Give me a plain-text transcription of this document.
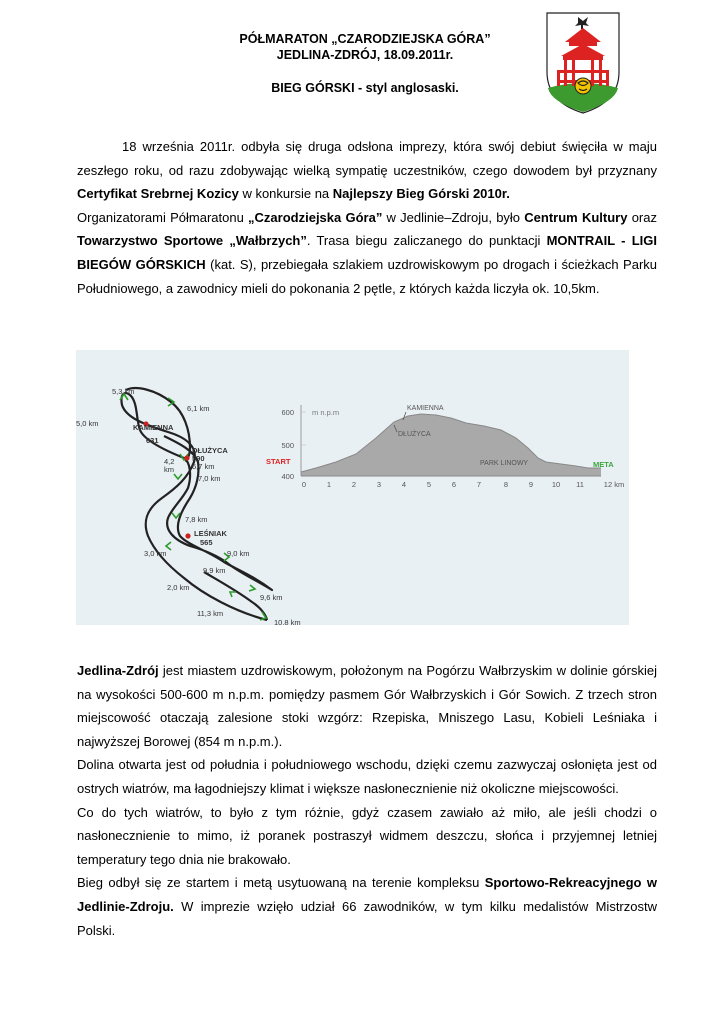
PÓŁMARATON „CZARODZIEJSKA GÓRA”
JEDLINA-ZDRÓJ, 18.09.2011r.
BIEG GÓRSKI - styl anglosaski.

18 września 2011r. odbyła się druga odsłona imprezy, która swój debiut święciła w maju zeszłego roku, od razu zdobywając wielką sympatię uczestników, czego dowodem był przyznany Certyfikat Srebrnej Kozicy w konkursie na Najlepszy Bieg Górski 2010r.

Organizatorami Półmaratonu „Czarodziejska Góra” w Jedlinie–Zdroju, było Centrum Kultury oraz Towarzystwo Sportowe „Wałbrzych”. Trasa biegu zaliczanego do punktacji MONTRAIL - LIGI BIEGÓW GÓRSKICH (kat. S), przebiegała szlakiem uzdrowiskowym po drogach i ścieżkach Parku Południowego, a zawodnicy mieli do pokonania 2 pętle, z których każda liczyła ok. 10,5km.

5,3 km
6,1 km
5,0 km	KAMIENNA
631
DŁUŻYCA
590
6,7 km
4,2
km
7,0 km
7,8 km
LEŚNIAK
565
3,0 km	9,0 km
9,9 km
2,0 km
9,6 km
11,3 km
10,8 km
600
500
400
m n.p.m
0	1	2	3	4	5	6	7	8	9 10 11	12 km
START	META
KAMIENNA
DŁUŻYCA
PARK LINOWY

Jedlina-Zdrój jest miastem uzdrowiskowym, położonym na Pogórzu Wałbrzyskim w dolinie górskiej na wysokości 500-600 m n.p.m. pomiędzy pasmem Gór Wałbrzyskich i Gór Sowich. Z trzech stron miejscowość otaczają zalesione stoki wzgórz: Rzepiska, Mniszego Lasu, Kobieli Leśniaka i najwyższej Borowej (854 m n.p.m.).

Dolina otwarta jest od południa i południowego wschodu, dzięki czemu zazwyczaj osłonięta jest od ostrych wiatrów, ma łagodniejszy klimat i większe nasłonecznienie niż okoliczne miejscowości.

Co do tych wiatrów, to było z tym różnie, gdyż czasem zawiało aż miło, ale jeśli chodzi o nasłonecznienie to mimo, iż poranek postraszył widmem deszczu, słońca i przyjemnej letniej temperatury tego dnia nie brakowało.

Bieg odbył się ze startem i metą usytuowaną na terenie kompleksu Sportowo-Rekreacyjnego w Jedlinie-Zdroju. W imprezie wzięło udział 66 zawodników, w tym kilku medalistów Mistrzostw Polski.
